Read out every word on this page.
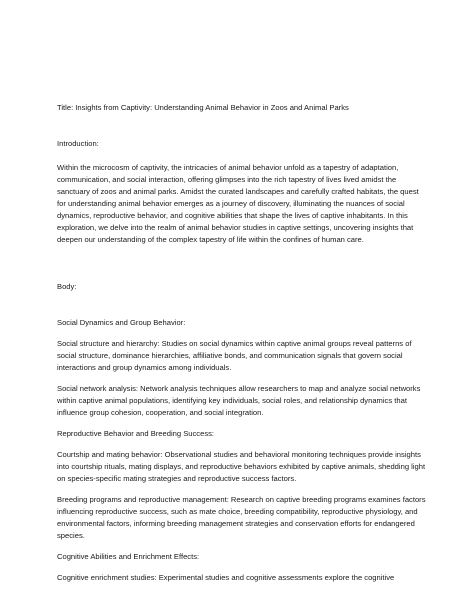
Title: Insights from Captivity: Understanding Animal Behavior in Zoos and Animal Parks

Introduction:

Within the microcosm of captivity, the intricacies of animal behavior unfold as a tapestry of adaptation, communication, and social interaction, offering glimpses into the rich tapestry of lives lived amidst the sanctuary of zoos and animal parks. Amidst the curated landscapes and carefully crafted habitats, the quest for understanding animal behavior emerges as a journey of discovery, illuminating the nuances of social dynamics, reproductive behavior, and cognitive abilities that shape the lives of captive inhabitants. In this exploration, we delve into the realm of animal behavior studies in captive settings, uncovering insights that deepen our understanding of the complex tapestry of life within the confines of human care.

Body:

Social Dynamics and Group Behavior:

Social structure and hierarchy: Studies on social dynamics within captive animal groups reveal patterns of social structure, dominance hierarchies, affiliative bonds, and communication signals that govern social interactions and group dynamics among individuals.

Social network analysis: Network analysis techniques allow researchers to map and analyze social networks within captive animal populations, identifying key individuals, social roles, and relationship dynamics that influence group cohesion, cooperation, and social integration.

Reproductive Behavior and Breeding Success:

Courtship and mating behavior: Observational studies and behavioral monitoring techniques provide insights into courtship rituals, mating displays, and reproductive behaviors exhibited by captive animals, shedding light on species-specific mating strategies and reproductive success factors.

Breeding programs and reproductive management: Research on captive breeding programs examines factors influencing reproductive success, such as mate choice, breeding compatibility, reproductive physiology, and environmental factors, informing breeding management strategies and conservation efforts for endangered species.

Cognitive Abilities and Enrichment Effects:

Cognitive enrichment studies: Experimental studies and cognitive assessments explore the cognitive
